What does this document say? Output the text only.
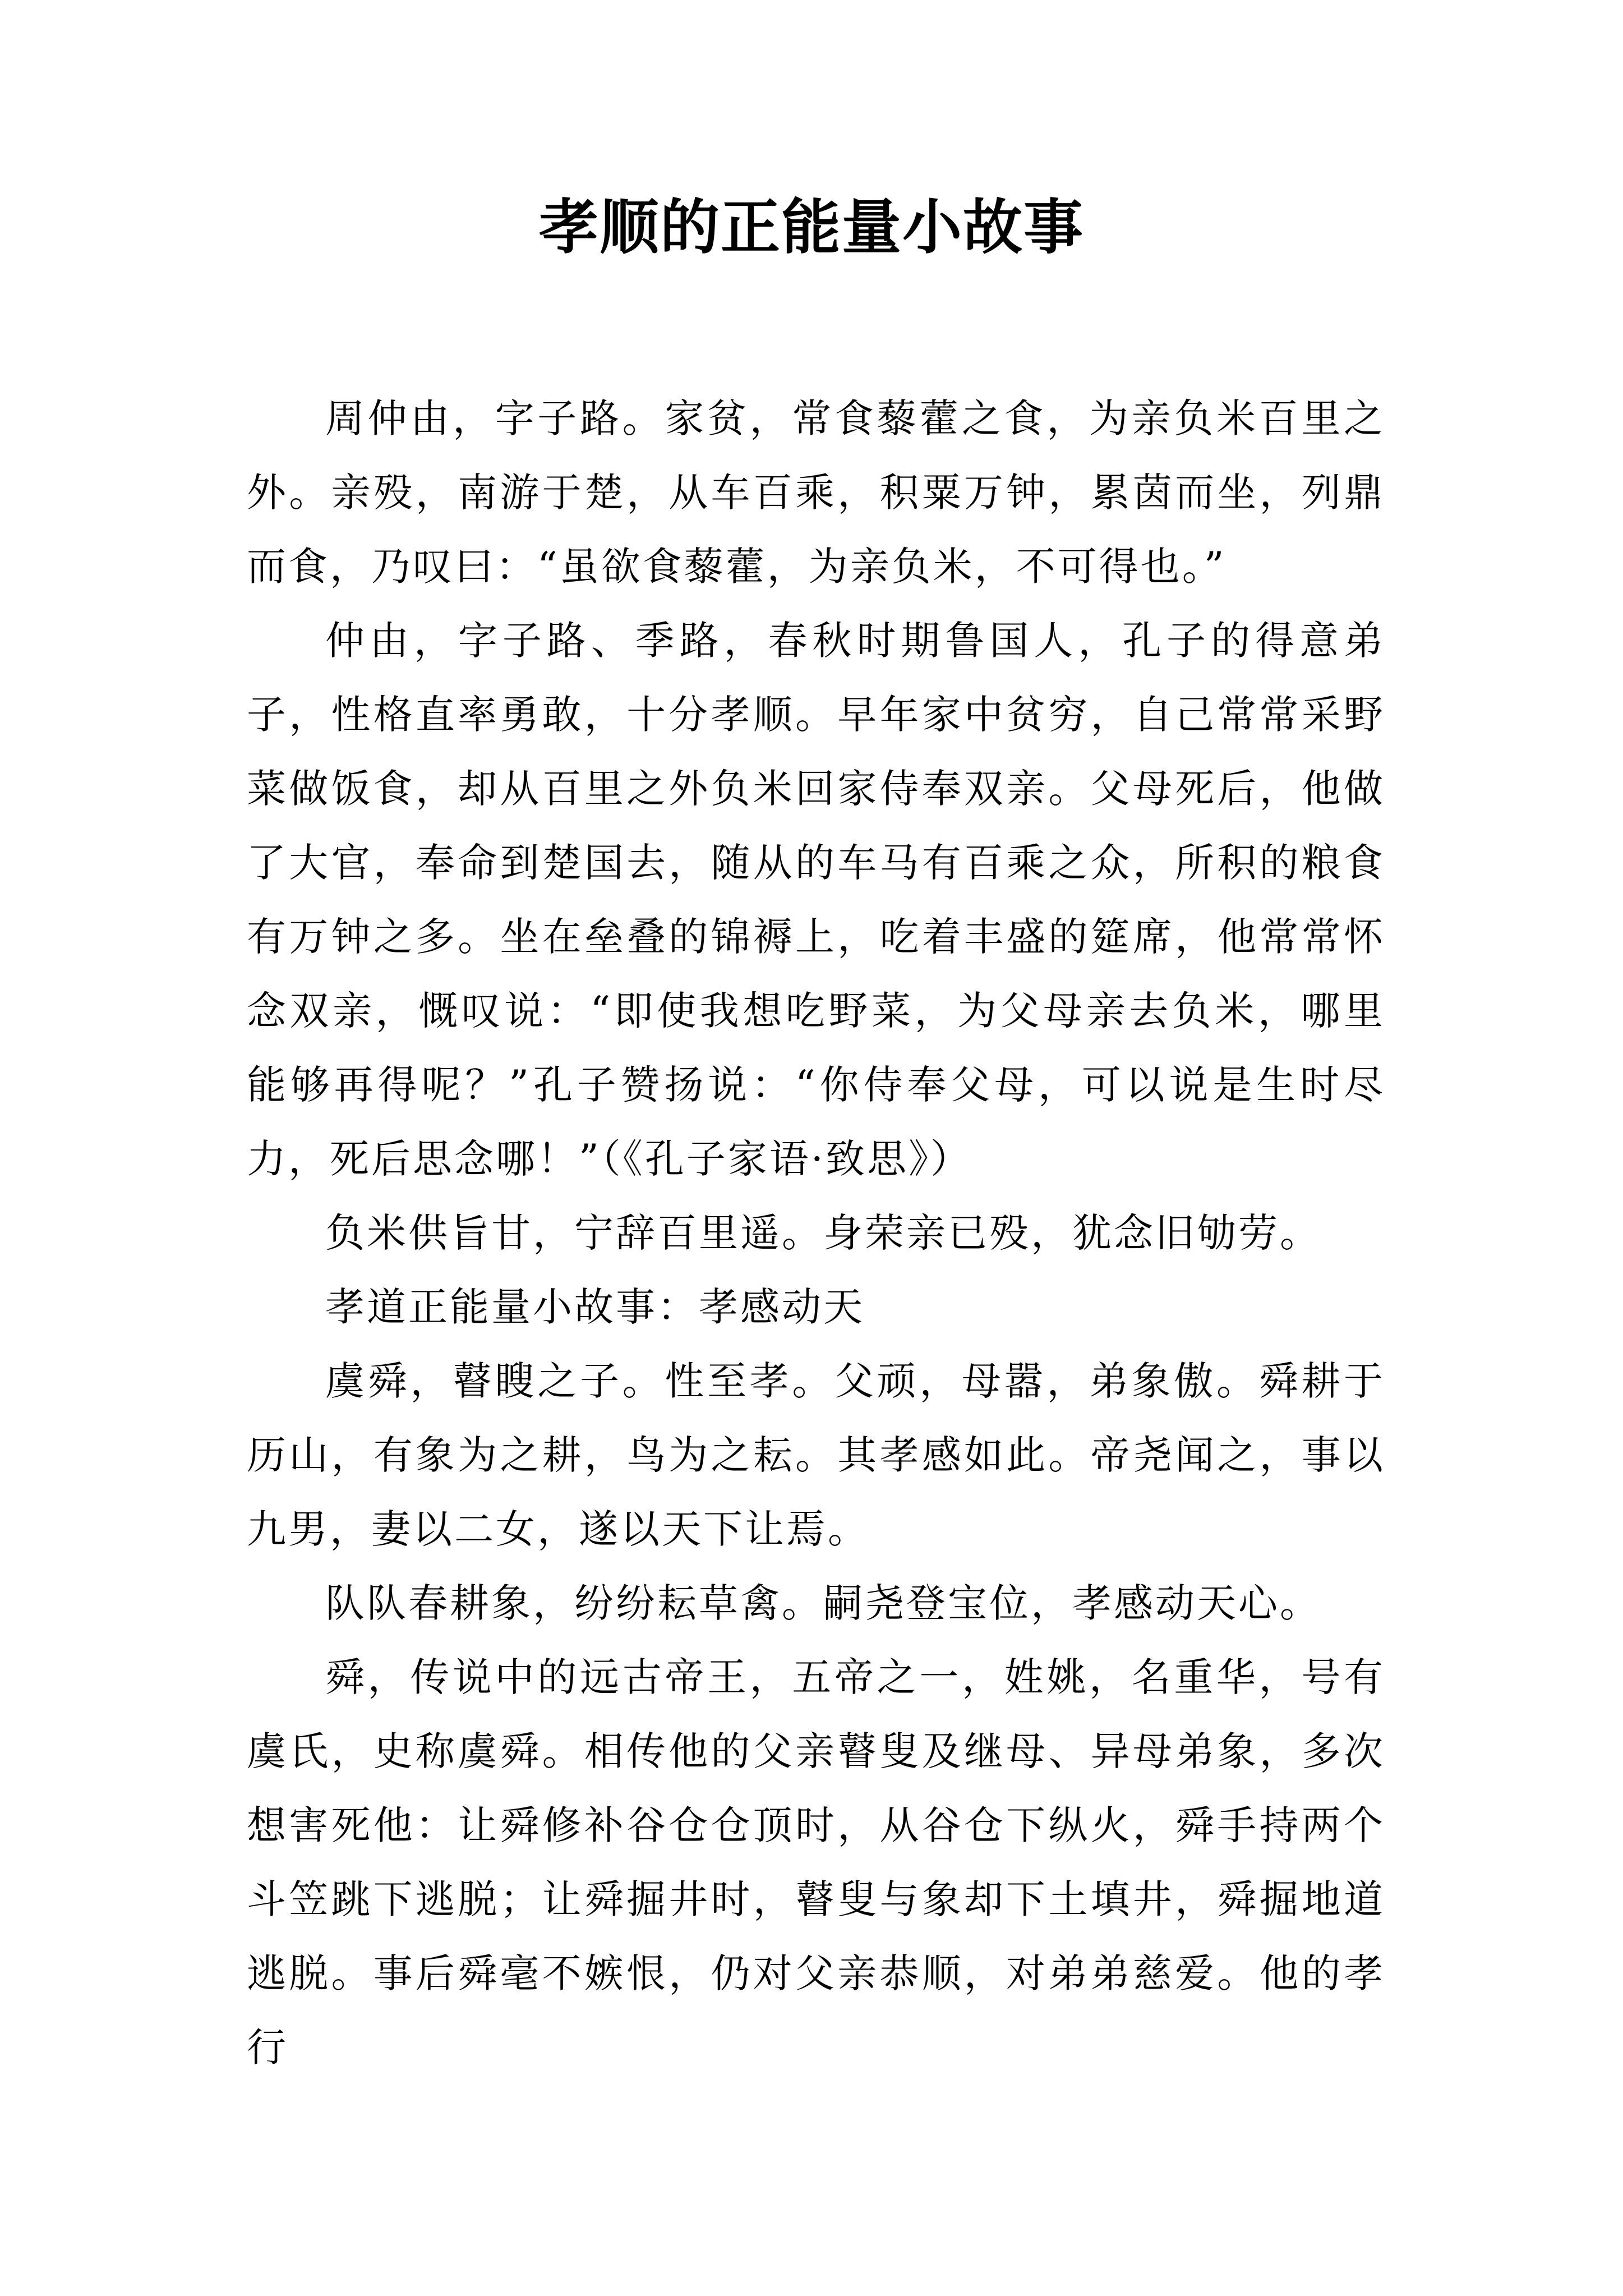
孝顺的正能量小故事

周仲由，字子路。家贫，常食藜藿之食，为亲负米百里之外。亲殁，南游于楚，从车百乘，积粟万钟，累茵而坐，列鼎而食，乃叹曰：“虽欲食藜藿，为亲负米，不可得也。”

仲由，字子路、季路，春秋时期鲁国人，孔子的得意弟子，性格直率勇敢，十分孝顺。早年家中贫穷，自己常常采野菜做饭食，却从百里之外负米回家侍奉双亲。父母死后，他做了大官，奉命到楚国去，随从的车马有百乘之众，所积的粮食有万钟之多。坐在垒叠的锦褥上，吃着丰盛的筵席，他常常怀念双亲，慨叹说：“即使我想吃野菜，为父母亲去负米，哪里能够再得呢？”孔子赞扬说：“你侍奉父母，可以说是生时尽力，死后思念哪！”（《孔子家语·致思》）

负米供旨甘，宁辞百里遥。身荣亲已殁，犹念旧劬劳。

孝道正能量小故事：孝感动天

虞舜，瞽瞍之子。性至孝。父顽，母嚣，弟象傲。舜耕于历山，有象为之耕，鸟为之耘。其孝感如此。帝尧闻之，事以九男，妻以二女，遂以天下让焉。

队队春耕象，纷纷耘草禽。嗣尧登宝位，孝感动天心。

舜，传说中的远古帝王，五帝之一，姓姚，名重华，号有虞氏，史称虞舜。相传他的父亲瞽叟及继母、异母弟象，多次想害死他：让舜修补谷仓仓顶时，从谷仓下纵火，舜手持两个斗笠跳下逃脱；让舜掘井时，瞽叟与象却下土填井，舜掘地道逃脱。事后舜毫不嫉恨，仍对父亲恭顺，对弟弟慈爱。他的孝行
